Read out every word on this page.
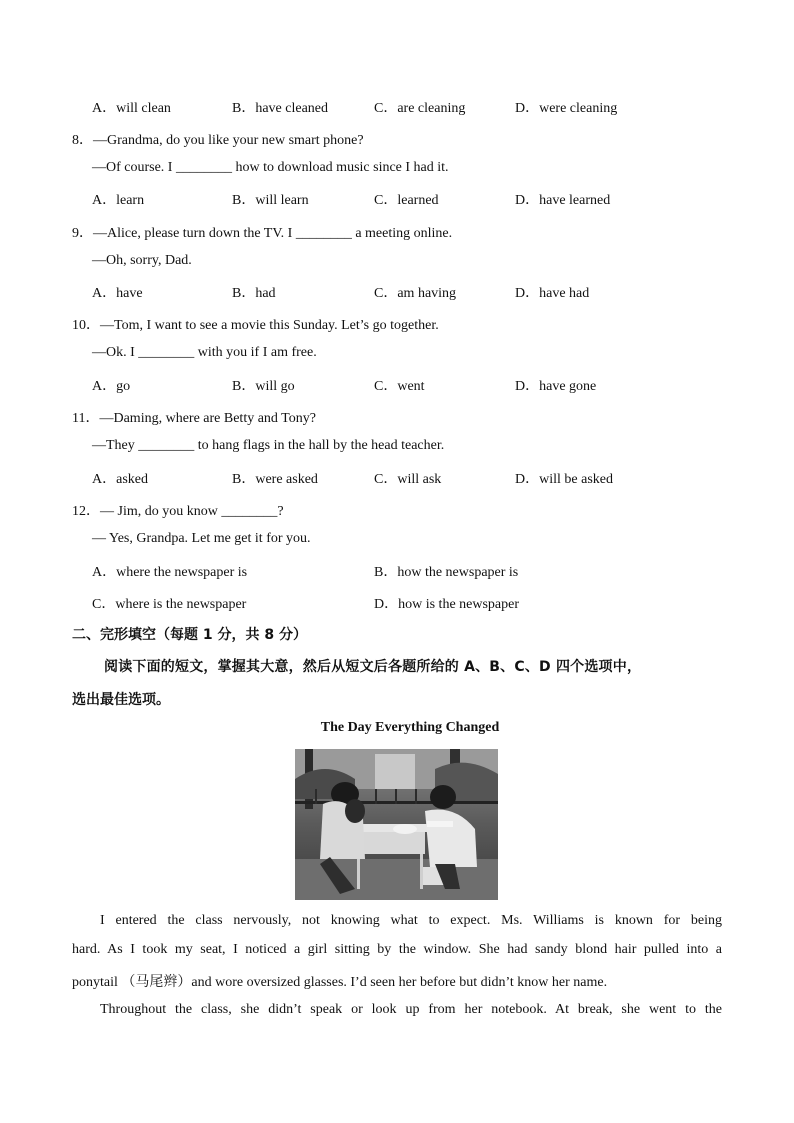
A．will clean	B．have cleaned	C．are cleaning	D．were cleaning
8．—Grandma, do you like your new smart phone?
—Of course. I ________ how to download music since I had it.
A．learn	B．will learn	C．learned	D．have learned
9．—Alice, please turn down the TV. I ________ a meeting online.
—Oh, sorry, Dad.
A．have	B．had	C．am having	D．have had
10．—Tom, I want to see a movie this Sunday. Let’s go together.
—Ok. I ________ with you if I am free.
A．go	B．will go	C．went	D．have gone
11．—Daming, where are Betty and Tony?
—They ________ to hang flags in the hall by the head teacher.
A．asked	B．were asked	C．will ask	D．will be asked
12．— Jim, do you know ________?
— Yes, Grandpa. Let me get it for you.
A．where the newspaper is	B．how the newspaper is
C．where is the newspaper	D．how is the newspaper
二、完形填空（每题 1 分，共 8 分）
阅读下面的短文，掌握其大意，然后从短文后各题所给的 A、B、C、D 四个选项中，
选出最佳选项。
The Day Everything Changed
I entered the class nervously, not knowing what to expect. Ms. Williams is known for being
hard. As I took my seat, I noticed a girl sitting by the window. She had sandy blond hair pulled into a
ponytail （马尾辫）and wore oversized glasses. I’d seen her before but didn’t know her name.
Throughout the class, she didn’t speak or look up from her notebook. At break, she went to the
